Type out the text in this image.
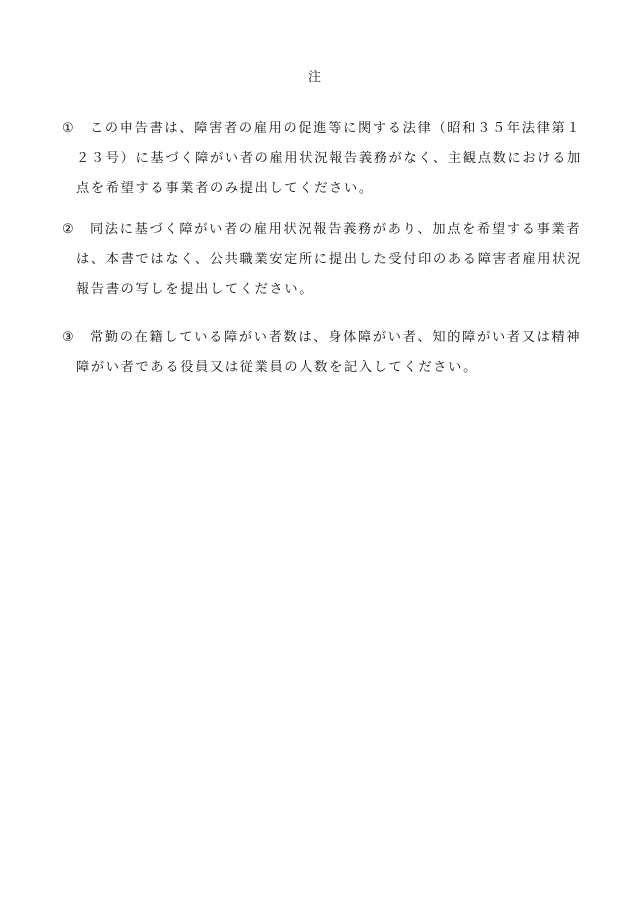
注
① この申告書は、障害者の雇用の促進等に関する法律（昭和３５年法律第１
２３号）に基づく障がい者の雇用状況報告義務がなく、主観点数における加
点を希望する事業者のみ提出してください。
② 同法に基づく障がい者の雇用状況報告義務があり、加点を希望する事業者
は、本書ではなく、公共職業安定所に提出した受付印のある障害者雇用状況
報告書の写しを提出してください。
③ 常勤の在籍している障がい者数は、身体障がい者、知的障がい者又は精神
障がい者である役員又は従業員の人数を記入してください。
